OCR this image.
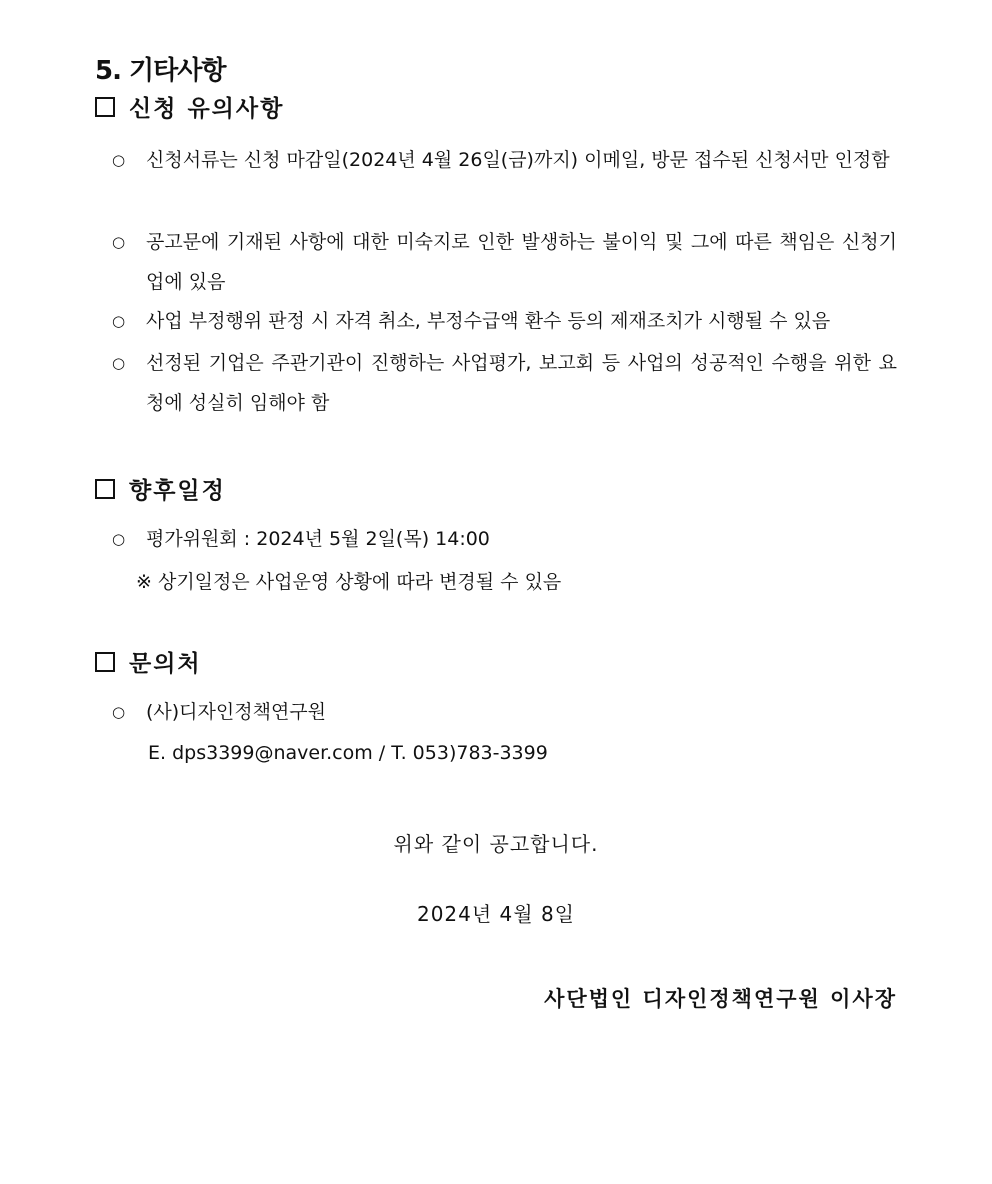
5. 기타사항
신청 유의사항
○	신청서류는 신청 마감일(2024년 4월 26일(금)까지) 이메일, 방문 접수된 신청서만 인정함
○	공고문에 기재된 사항에 대한 미숙지로 인한 발생하는 불이익 및 그에 따른 책임은 신청기업에 있음
○	사업 부정행위 판정 시 자격 취소, 부정수급액 환수 등의 제재조치가 시행될 수 있음
○	선정된 기업은 주관기관이 진행하는 사업평가, 보고회 등 사업의 성공적인 수행을 위한 요청에 성실히 임해야 함
향후일정
○	평가위원회 : 2024년 5월 2일(목) 14:00
※ 상기일정은 사업운영 상황에 따라 변경될 수 있음
문의처
○	(사)디자인정책연구원
E. dps3399@naver.com / T. 053)783-3399
위와 같이 공고합니다.
2024년 4월 8일
사단법인 디자인정책연구원 이사장
